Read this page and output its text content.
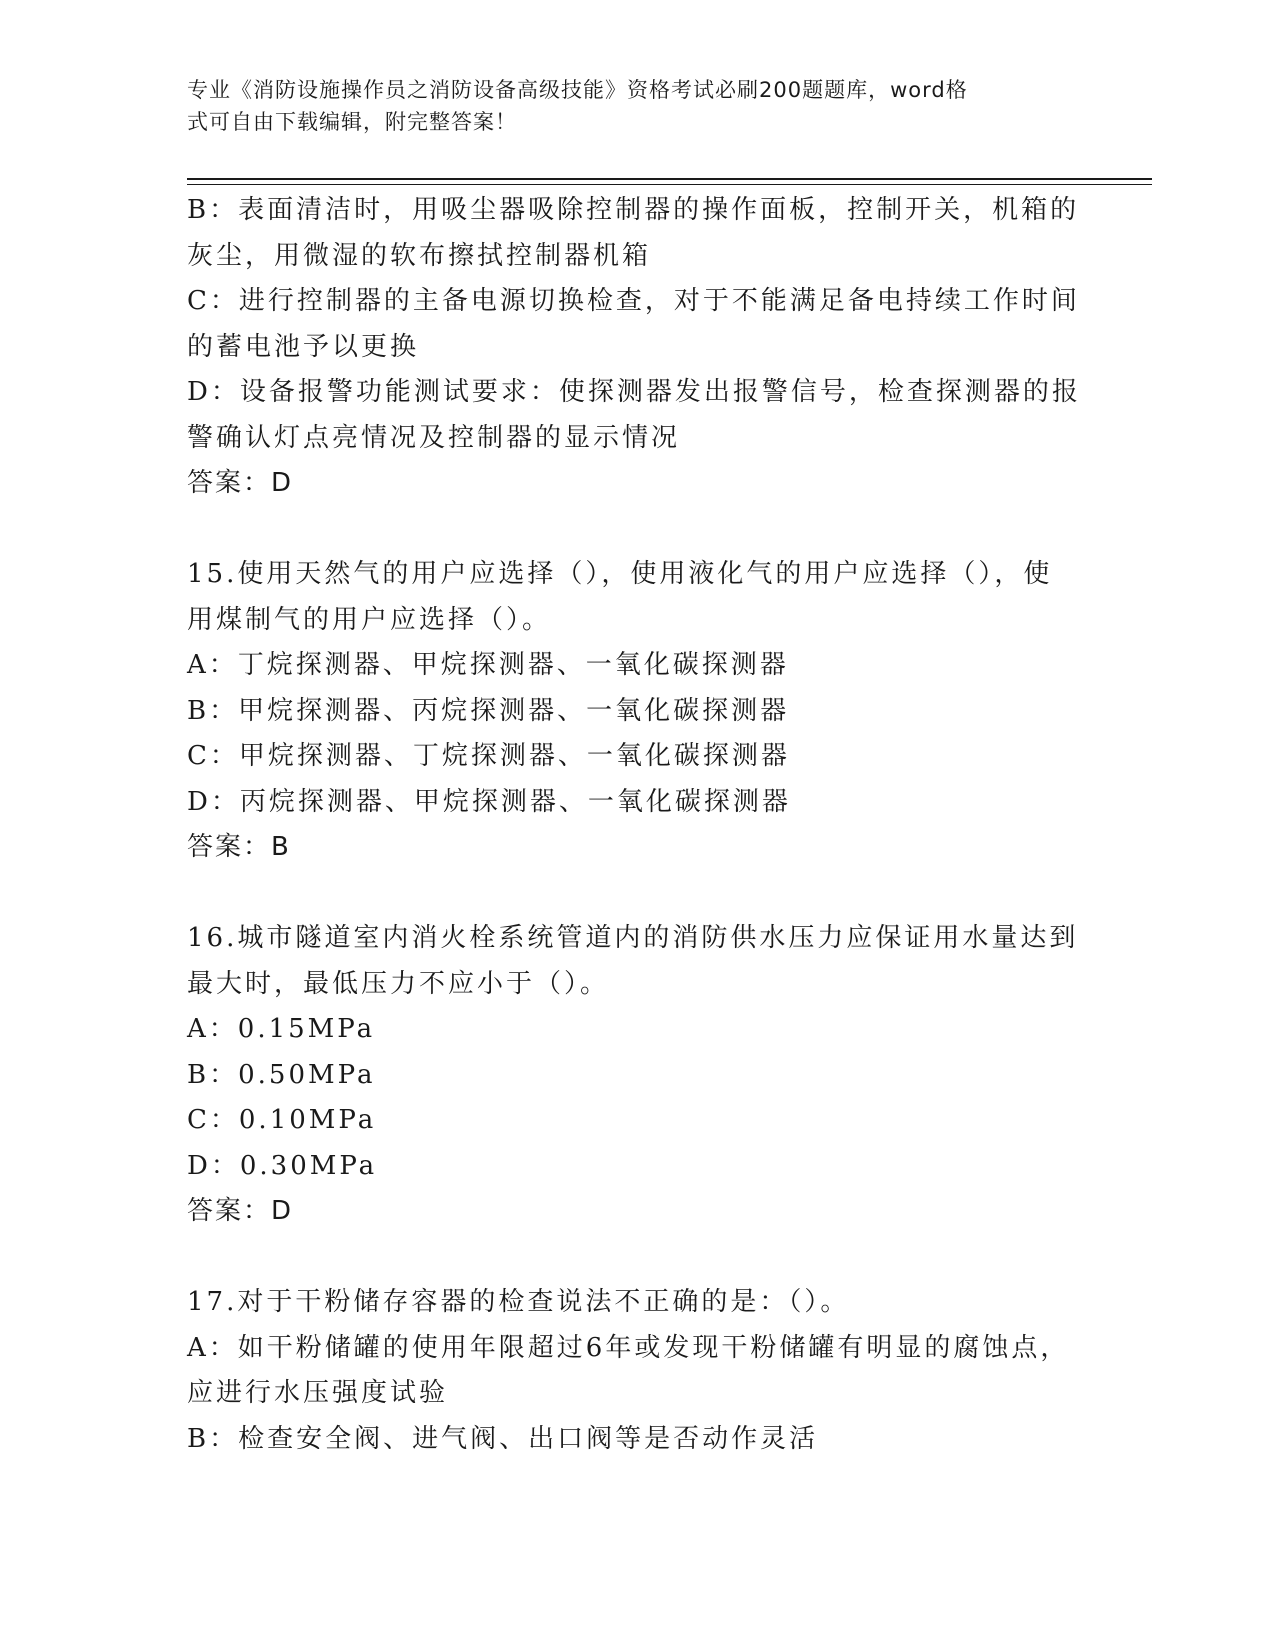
专业《消防设施操作员之消防设备高级技能》资格考试必刷200题题库，word格
式可自由下载编辑，附完整答案！
B：表面清洁时，用吸尘器吸除控制器的操作面板，控制开关，机箱的
灰尘，用微湿的软布擦拭控制器机箱
C：进行控制器的主备电源切换检查，对于不能满足备电持续工作时间
的蓄电池予以更换
D：设备报警功能测试要求：使探测器发出报警信号，检查探测器的报
警确认灯点亮情况及控制器的显示情况
答案：D
15.使用天然气的用户应选择（），使用液化气的用户应选择（），使
用煤制气的用户应选择（）。
A：丁烷探测器、甲烷探测器、一氧化碳探测器
B：甲烷探测器、丙烷探测器、一氧化碳探测器
C：甲烷探测器、丁烷探测器、一氧化碳探测器
D：丙烷探测器、甲烷探测器、一氧化碳探测器
答案：B
16.城市隧道室内消火栓系统管道内的消防供水压力应保证用水量达到
最大时，最低压力不应小于（）。
A：0.15MPa
B：0.50MPa
C：0.10MPa
D：0.30MPa
答案：D
17.对于干粉储存容器的检查说法不正确的是：（）。
A：如干粉储罐的使用年限超过6年或发现干粉储罐有明显的腐蚀点，
应进行水压强度试验
B：检查安全阀、进气阀、出口阀等是否动作灵活
